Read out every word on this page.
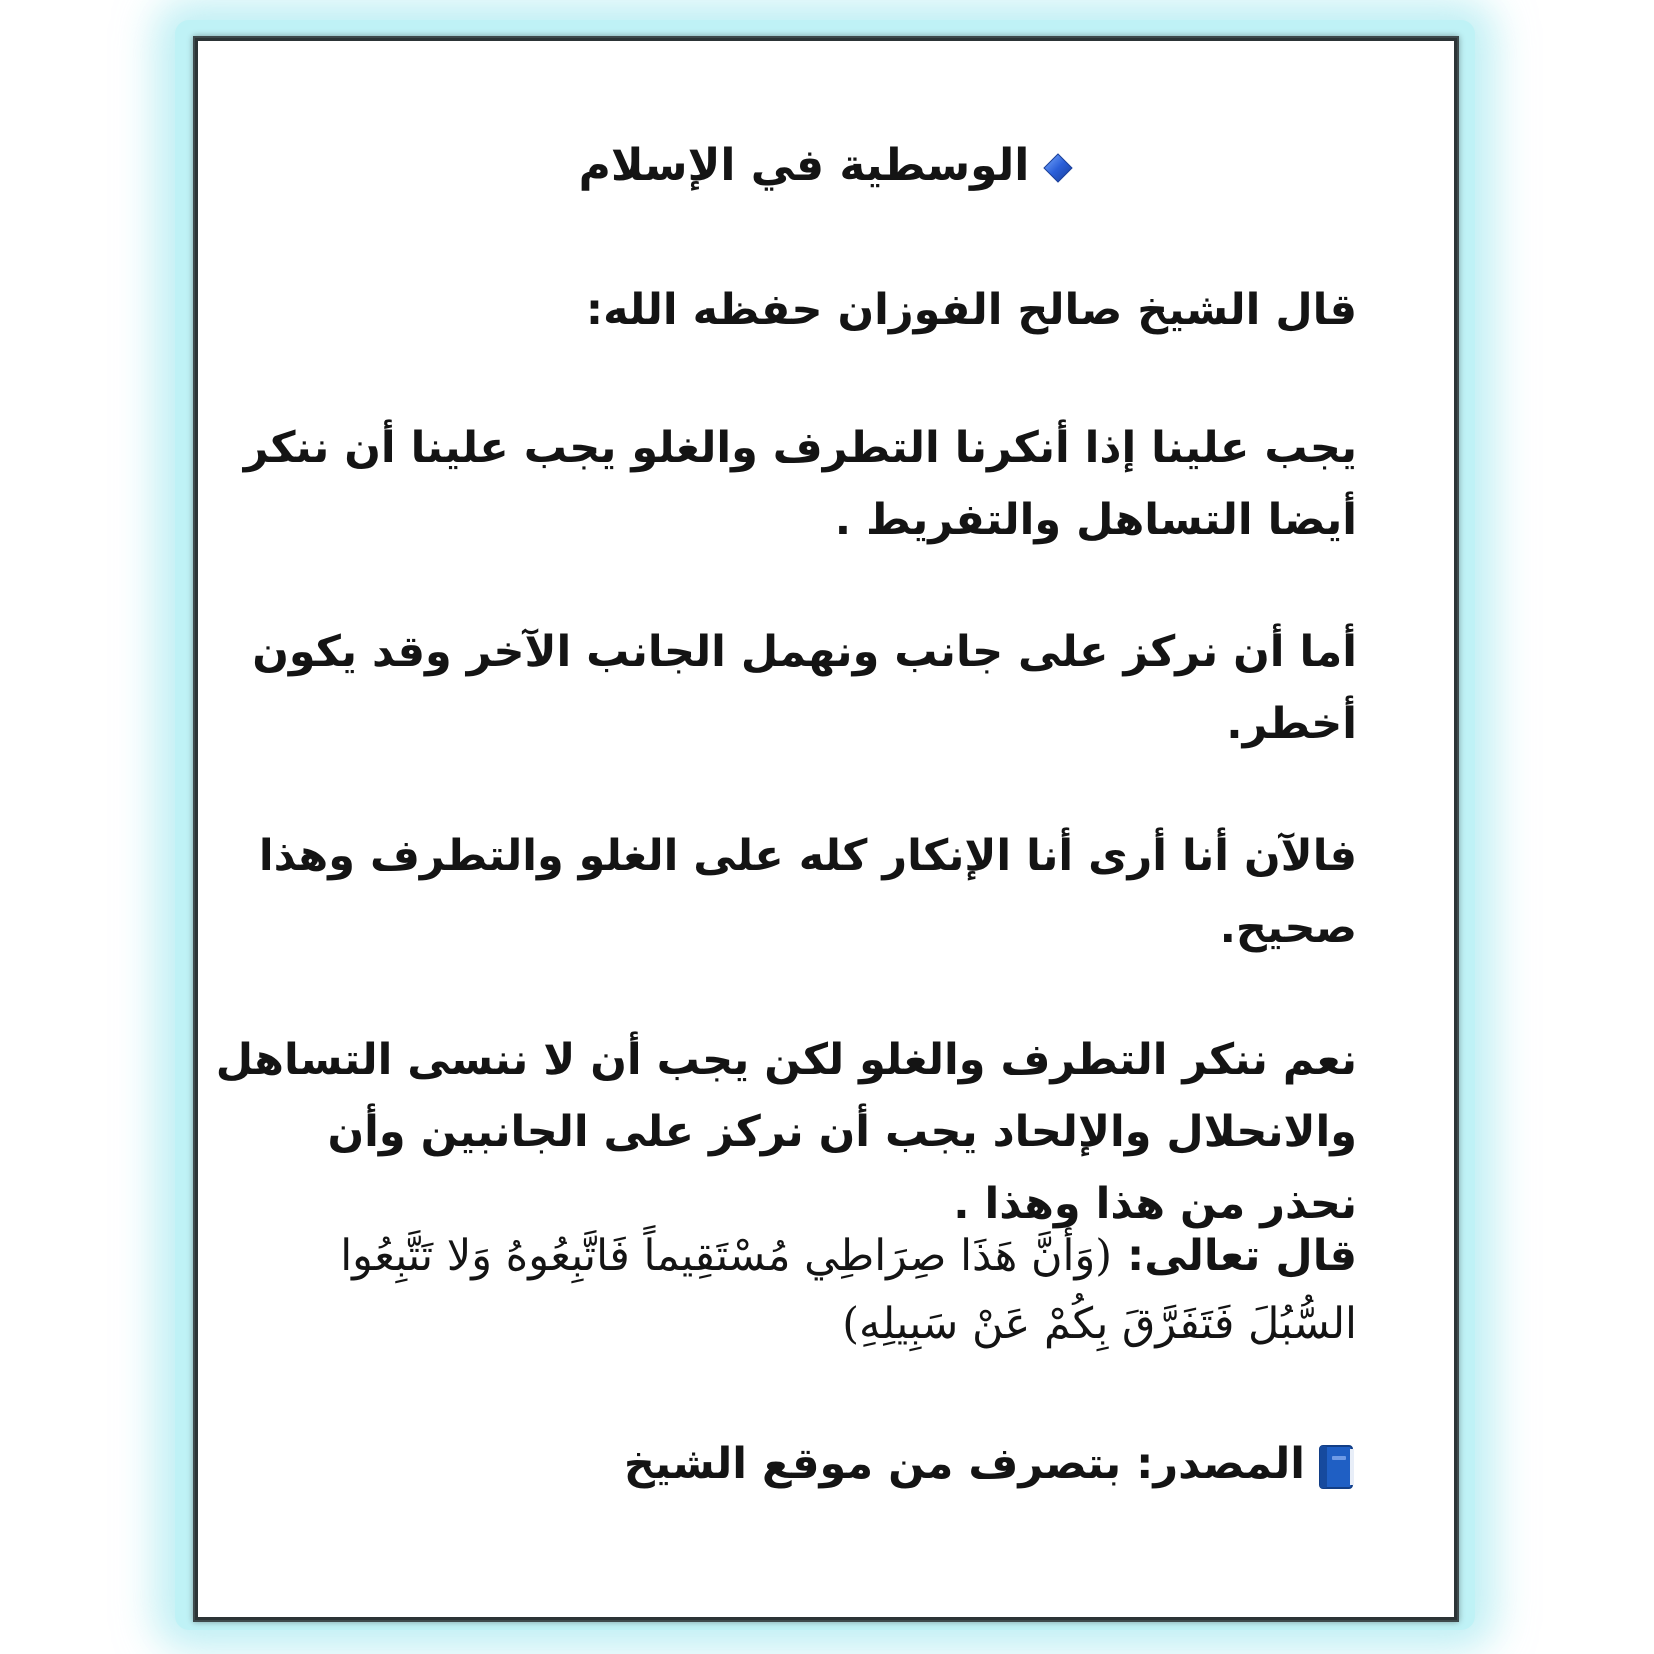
الوسطية في الإسلام
قال الشيخ صالح الفوزان حفظه الله:
يجب علينا إذا أنكرنا التطرف والغلو يجب علينا أن ننكر
أيضا التساهل والتفريط .
أما أن نركز على جانب ونهمل الجانب الآخر وقد يكون
أخطر.
فالآن أنا أرى أنا الإنكار كله على الغلو والتطرف وهذا
صحيح.
نعم ننكر التطرف والغلو لكن يجب أن لا ننسى التساهل
والانحلال والإلحاد يجب أن نركز على الجانبين وأن
نحذر من هذا وهذا .
قال تعالى: (وَأَنَّ هَذَا صِرَاطِي مُسْتَقِيماً فَاتَّبِعُوهُ وَلا تَتَّبِعُوا
السُّبُلَ فَتَفَرَّقَ بِكُمْ عَنْ سَبِيلِهِ)
المصدر: بتصرف من موقع الشيخ
